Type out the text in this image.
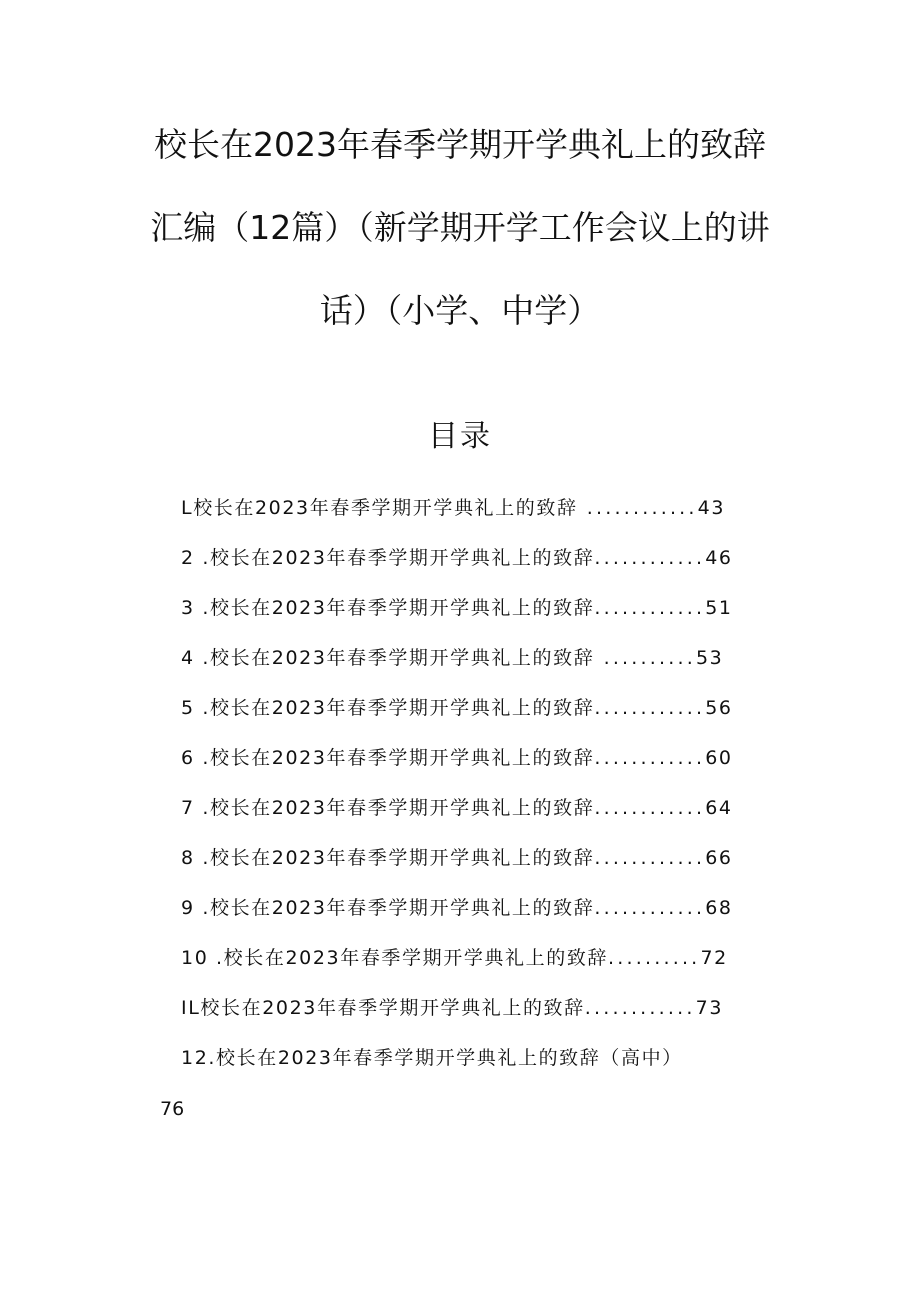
校长在2023年春季学期开学典礼上的致辞
汇编（12篇）（新学期开学工作会议上的讲
话）（小学、中学）
目录
L校长在2023年春季学期开学典礼上的致辞 ............43
2 .校长在2023年春季学期开学典礼上的致辞............46
3 .校长在2023年春季学期开学典礼上的致辞............51
4 .校长在2023年春季学期开学典礼上的致辞 ..........53
5 .校长在2023年春季学期开学典礼上的致辞............56
6 .校长在2023年春季学期开学典礼上的致辞............60
7 .校长在2023年春季学期开学典礼上的致辞............64
8 .校长在2023年春季学期开学典礼上的致辞............66
9 .校长在2023年春季学期开学典礼上的致辞............68
10 .校长在2023年春季学期开学典礼上的致辞..........72
IL校长在2023年春季学期开学典礼上的致辞............73
12.校长在2023年春季学期开学典礼上的致辞（高中）
76
